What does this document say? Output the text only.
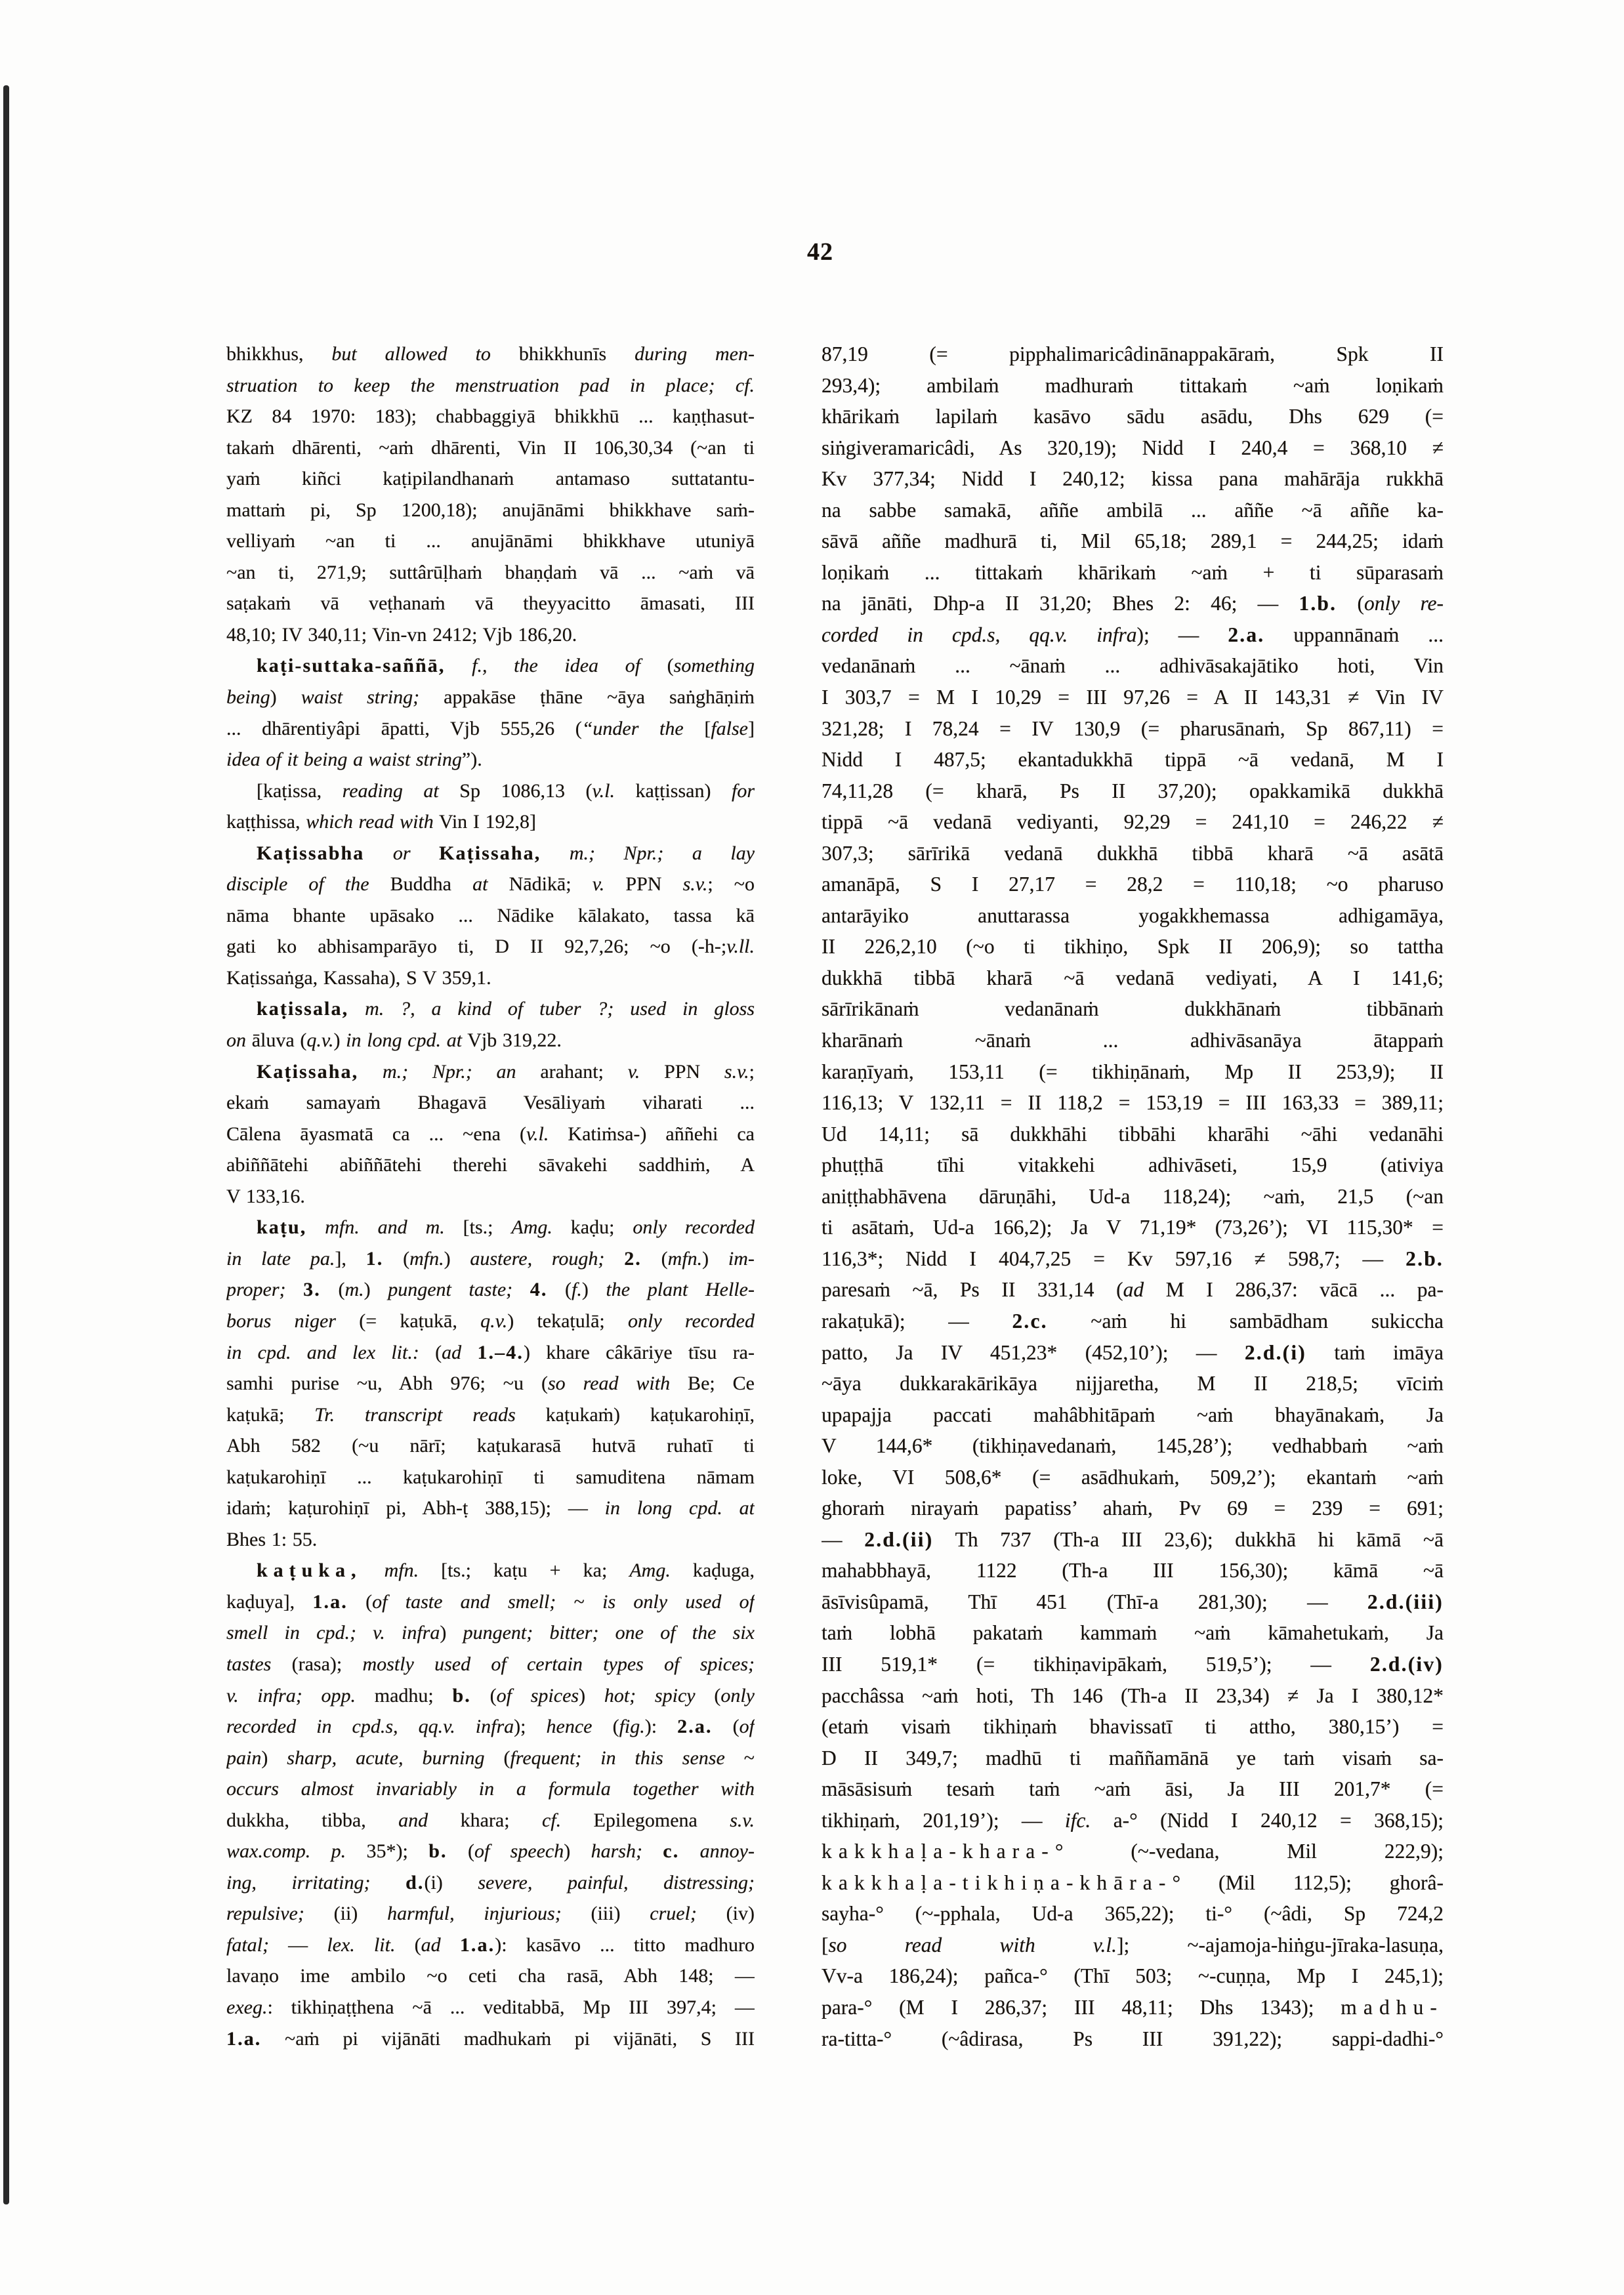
42
bhikkhus, but allowed to bhikkhunīs during men-
struation to keep the menstruation pad in place; cf.
KZ 84 1970: 183); chabbaggiyā bhikkhū ... kaṇṭhasut-
takaṁ dhārenti, ~aṁ dhārenti, Vin II 106,30,34 (~an ti
yaṁ kiñci kaṭipilandhanaṁ antamaso suttatantu-
mattaṁ pi, Sp 1200,18); anujānāmi bhikkhave saṁ-
velliyaṁ ~an ti ... anujānāmi bhikkhave utuniyā
~an ti, 271,9; suttârūḷhaṁ bhaṇḍaṁ vā ... ~aṁ vā
saṭakaṁ vā veṭhanaṁ vā theyyacitto āmasati, III
48,10; IV 340,11; Vin-vn 2412; Vjb 186,20.
kaṭi-suttaka-saññā, f., the idea of (something
being) waist string; appakāse ṭhāne ~āya saṅghāṇiṁ
... dhārentiyâpi āpatti, Vjb 555,26 (“under the [false]
idea of it being a waist string”).
[kaṭissa, reading at Sp 1086,13 (v.l. kaṭṭissan) for
kaṭṭhissa, which read with Vin I 192,8]
Kaṭissabha or Kaṭissaha, m.; Npr.; a lay
disciple of the Buddha at Nādikā; v. PPN s.v.; ~o
nāma bhante upāsako ... Nādike kālakato, tassa kā
gati ko abhisamparāyo ti, D II 92,7,26; ~o (-h-;v.ll.
Kaṭissaṅga, Kassaha), S V 359,1.
kaṭissala, m. ?, a kind of tuber ?; used in gloss
on āluva (q.v.) in long cpd. at Vjb 319,22.
Kaṭissaha, m.; Npr.; an arahant; v. PPN s.v.;
ekaṁ samayaṁ Bhagavā Vesāliyaṁ viharati ...
Cālena āyasmatā ca ... ~ena (v.l. Katiṁsa-) aññehi ca
abiññātehi abiññātehi therehi sāvakehi saddhiṁ, A
V 133,16.
kaṭu, mfn. and m. [ts.; Amg. kaḍu; only recorded
in late pa.], 1. (mfn.) austere, rough; 2. (mfn.) im-
proper; 3. (m.) pungent taste; 4. (f.) the plant Helle-
borus niger (= kaṭukā, q.v.) tekaṭulā; only recorded
in cpd. and lex lit.: (ad 1.–4.) khare câkāriye tīsu ra-
samhi purise ~u, Abh 976; ~u (so read with Be; Ce
kaṭukā; Tr. transcript reads kaṭukaṁ) kaṭukarohiṇī,
Abh 582 (~u nārī; kaṭukarasā hutvā ruhatī ti
kaṭukarohiṇī ... kaṭukarohiṇī ti samuditena nāmam
idaṁ; kaṭurohiṇī pi, Abh-ṭ 388,15); — in long cpd. at
Bhes 1: 55.
kaṭuka, mfn. [ts.; kaṭu + ka; Amg. kaḍuga,
kaḍuya], 1.a. (of taste and smell; ~ is only used of
smell in cpd.; v. infra) pungent; bitter; one of the six
tastes (rasa); mostly used of certain types of spices;
v. infra; opp. madhu; b. (of spices) hot; spicy (only
recorded in cpd.s, qq.v. infra); hence (fig.): 2.a. (of
pain) sharp, acute, burning (frequent; in this sense ~
occurs almost invariably in a formula together with
dukkha, tibba, and khara; cf. Epilegomena s.v.
wax.comp. p. 35*); b. (of speech) harsh; c. annoy-
ing, irritating; d.(i) severe, painful, distressing;
repulsive; (ii) harmful, injurious; (iii) cruel; (iv)
fatal; — lex. lit. (ad 1.a.): kasāvo ... titto madhuro
lavaṇo ime ambilo ~o ceti cha rasā, Abh 148; —
exeg.: tikhiṇaṭṭhena ~ā ... veditabbā, Mp III 397,4; —
1.a. ~aṁ pi vijānāti madhukaṁ pi vijānāti, S III
87,19 (= pipphalimaricâdinānappakāraṁ, Spk II
293,4); ambilaṁ madhuraṁ tittakaṁ ~aṁ loṇikaṁ
khārikaṁ lapilaṁ kasāvo sādu asādu, Dhs 629 (=
siṅgiveramaricâdi, As 320,19); Nidd I 240,4 = 368,10 ≠
Kv 377,34; Nidd I 240,12; kissa pana mahārāja rukkhā
na sabbe samakā, aññe ambilā ... aññe ~ā aññe ka-
sāvā aññe madhurā ti, Mil 65,18; 289,1 = 244,25; idaṁ
loṇikaṁ ... tittakaṁ khārikaṁ ~aṁ + ti sūparasaṁ
na jānāti, Dhp-a II 31,20; Bhes 2: 46; — 1.b. (only re-
corded in cpd.s, qq.v. infra); — 2.a. uppannānaṁ ...
vedanānaṁ ... ~ānaṁ ... adhivāsakajātiko hoti, Vin
I 303,7 = M I 10,29 = III 97,26 = A II 143,31 ≠ Vin IV
321,28; I 78,24 = IV 130,9 (= pharusānaṁ, Sp 867,11) =
Nidd I 487,5; ekantadukkhā tippā ~ā vedanā, M I
74,11,28 (= kharā, Ps II 37,20); opakkamikā dukkhā
tippā ~ā vedanā vediyanti, 92,29 = 241,10 = 246,22 ≠
307,3; sārīrikā vedanā dukkhā tibbā kharā ~ā asātā
amanāpā, S I 27,17 = 28,2 = 110,18; ~o pharuso
antarāyiko anuttarassa yogakkhemassa adhigamāya,
II 226,2,10 (~o ti tikhiṇo, Spk II 206,9); so tattha
dukkhā tibbā kharā ~ā vedanā vediyati, A I 141,6;
sārīrikānaṁ vedanānaṁ dukkhānaṁ tibbānaṁ
kharānaṁ ~ānaṁ ... adhivāsanāya ātappaṁ
karaṇīyaṁ, 153,11 (= tikhiṇānaṁ, Mp II 253,9); II
116,13; V 132,11 = II 118,2 = 153,19 = III 163,33 = 389,11;
Ud 14,11; sā dukkhāhi tibbāhi kharāhi ~āhi vedanāhi
phuṭṭhā tīhi vitakkehi adhivāseti, 15,9 (ativiya
aniṭṭhabhāvena dāruṇāhi, Ud-a 118,24); ~aṁ, 21,5 (~an
ti asātaṁ, Ud-a 166,2); Ja V 71,19* (73,26’); VI 115,30* =
116,3*; Nidd I 404,7,25 = Kv 597,16 ≠ 598,7; — 2.b.
paresaṁ ~ā, Ps II 331,14 (ad M I 286,37: vācā ... pa-
rakaṭukā); — 2.c. ~aṁ hi sambādham sukiccha
patto, Ja IV 451,23* (452,10’); — 2.d.(i) taṁ imāya
~āya dukkarakārikāya nijjaretha, M II 218,5; vīciṁ
upapajja paccati mahâbhitāpaṁ ~aṁ bhayānakaṁ, Ja
V 144,6* (tikhiṇavedanaṁ, 145,28’); vedhabbaṁ ~aṁ
loke, VI 508,6* (= asādhukaṁ, 509,2’); ekantaṁ ~aṁ
ghoraṁ nirayaṁ papatiss’ ahaṁ, Pv 69 = 239 = 691;
— 2.d.(ii) Th 737 (Th-a III 23,6); dukkhā hi kāmā ~ā
mahabbhayā, 1122 (Th-a III 156,30); kāmā ~ā
āsīvisûpamā, Thī 451 (Thī-a 281,30); — 2.d.(iii)
taṁ lobhā pakataṁ kammaṁ ~aṁ kāmahetukaṁ, Ja
III 519,1* (= tikhiṇavipākaṁ, 519,5’); — 2.d.(iv)
pacchâssa ~aṁ hoti, Th 146 (Th-a II 23,34) ≠ Ja I 380,12*
(etaṁ visaṁ tikhiṇaṁ bhavissatī ti attho, 380,15’) =
D II 349,7; madhū ti maññamānā ye taṁ visaṁ sa-
māsāsisuṁ tesaṁ taṁ ~aṁ āsi, Ja III 201,7* (=
tikhiṇaṁ, 201,19’); — ifc. a-° (Nidd I 240,12 = 368,15);
kakkhaḷa-khara-° (~-vedana, Mil 222,9);
kakkhaḷa-tikhiṇa-khāra-° (Mil 112,5); ghorâ-
sayha-° (~-pphala, Ud-a 365,22); ti-° (~âdi, Sp 724,2
[so read with v.l.]; ~-ajamoja-hiṅgu-jīraka-lasuṇa,
Vv-a 186,24); pañca-° (Thī 503; ~-cuṇṇa, Mp I 245,1);
para-° (M I 286,37; III 48,11; Dhs 1343); madhu-
ra-titta-° (~âdirasa, Ps III 391,22); sappi-dadhi-°
